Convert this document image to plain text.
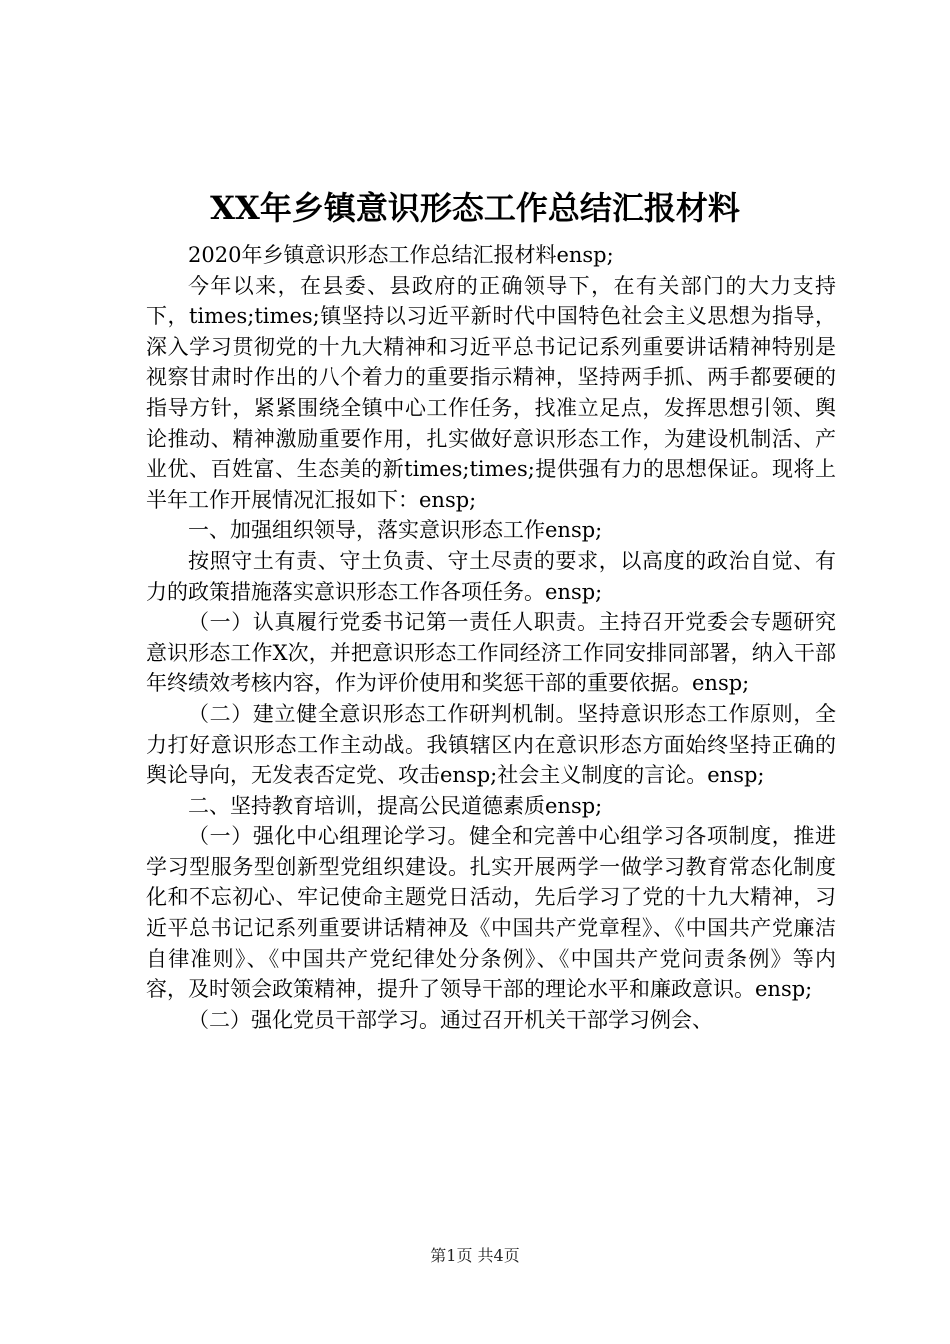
XX年乡镇意识形态工作总结汇报材料

2020年乡镇意识形态工作总结汇报材料ensp;

今年以来，在县委、县政府的正确领导下，在有关部门的大力支持下，times;times;镇坚持以习近平新时代中国特色社会主义思想为指导，深入学习贯彻党的十九大精神和习近平总书记记系列重要讲话精神特别是视察甘肃时作出的八个着力的重要指示精神，坚持两手抓、两手都要硬的指导方针，紧紧围绕全镇中心工作任务，找准立足点，发挥思想引领、舆论推动、精神激励重要作用，扎实做好意识形态工作，为建设机制活、产业优、百姓富、生态美的新times;times;提供强有力的思想保证。现将上半年工作开展情况汇报如下：ensp;

一、加强组织领导，落实意识形态工作ensp;

按照守土有责、守土负责、守土尽责的要求，以高度的政治自觉、有力的政策措施落实意识形态工作各项任务。ensp;

（一）认真履行党委书记第一责任人职责。主持召开党委会专题研究意识形态工作X次，并把意识形态工作同经济工作同安排同部署，纳入干部年终绩效考核内容，作为评价使用和奖惩干部的重要依据。ensp;

（二）建立健全意识形态工作研判机制。坚持意识形态工作原则，全力打好意识形态工作主动战。我镇辖区内在意识形态方面始终坚持正确的舆论导向，无发表否定党、攻击ensp;社会主义制度的言论。ensp;

二、坚持教育培训，提高公民道德素质ensp;

（一）强化中心组理论学习。健全和完善中心组学习各项制度，推进学习型服务型创新型党组织建设。扎实开展两学一做学习教育常态化制度化和不忘初心、牢记使命主题党日活动，先后学习了党的十九大精神，习近平总书记记系列重要讲话精神及《中国共产党章程》、《中国共产党廉洁自律准则》、《中国共产党纪律处分条例》、《中国共产党问责条例》等内容，及时领会政策精神，提升了领导干部的理论水平和廉政意识。ensp;

（二）强化党员干部学习。通过召开机关干部学习例会、

第1页 共4页
